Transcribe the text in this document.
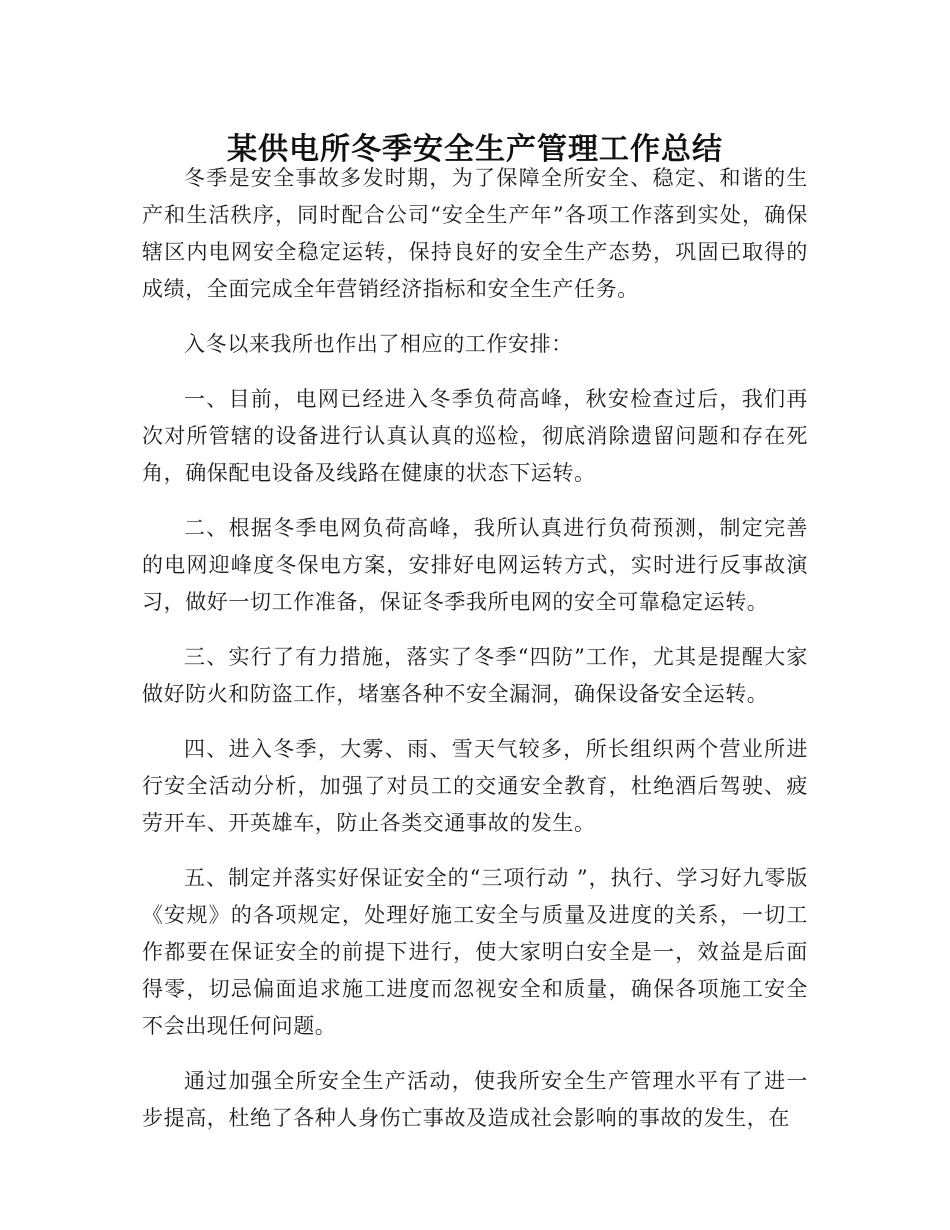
某供电所冬季安全生产管理工作总结

冬季是安全事故多发时期，为了保障全所安全、稳定、和谐的生产和生活秩序，同时配合公司“安全生产年”各项工作落到实处，确保辖区内电网安全稳定运转，保持良好的安全生产态势，巩固已取得的成绩，全面完成全年营销经济指标和安全生产任务。

入冬以来我所也作出了相应的工作安排：

一、目前，电网已经进入冬季负荷高峰，秋安检查过后，我们再次对所管辖的设备进行认真认真的巡检，彻底消除遗留问题和存在死角，确保配电设备及线路在健康的状态下运转。

二、根据冬季电网负荷高峰，我所认真进行负荷预测，制定完善的电网迎峰度冬保电方案，安排好电网运转方式，实时进行反事故演习，做好一切工作准备，保证冬季我所电网的安全可靠稳定运转。

三、实行了有力措施，落实了冬季“四防”工作，尤其是提醒大家做好防火和防盗工作，堵塞各种不安全漏洞，确保设备安全运转。

四、进入冬季，大雾、雨、雪天气较多，所长组织两个营业所进行安全活动分析，加强了对员工的交通安全教育，杜绝酒后驾驶、疲劳开车、开英雄车，防止各类交通事故的发生。

五、制定并落实好保证安全的“三项行动 ”，执行、学习好九零版《安规》的各项规定，处理好施工安全与质量及进度的关系，一切工作都要在保证安全的前提下进行，使大家明白安全是一，效益是后面得零，切忌偏面追求施工进度而忽视安全和质量，确保各项施工安全不会出现任何问题。

通过加强全所安全生产活动，使我所安全生产管理水平有了进一步提高，杜绝了各种人身伤亡事故及造成社会影响的事故的发生，在
